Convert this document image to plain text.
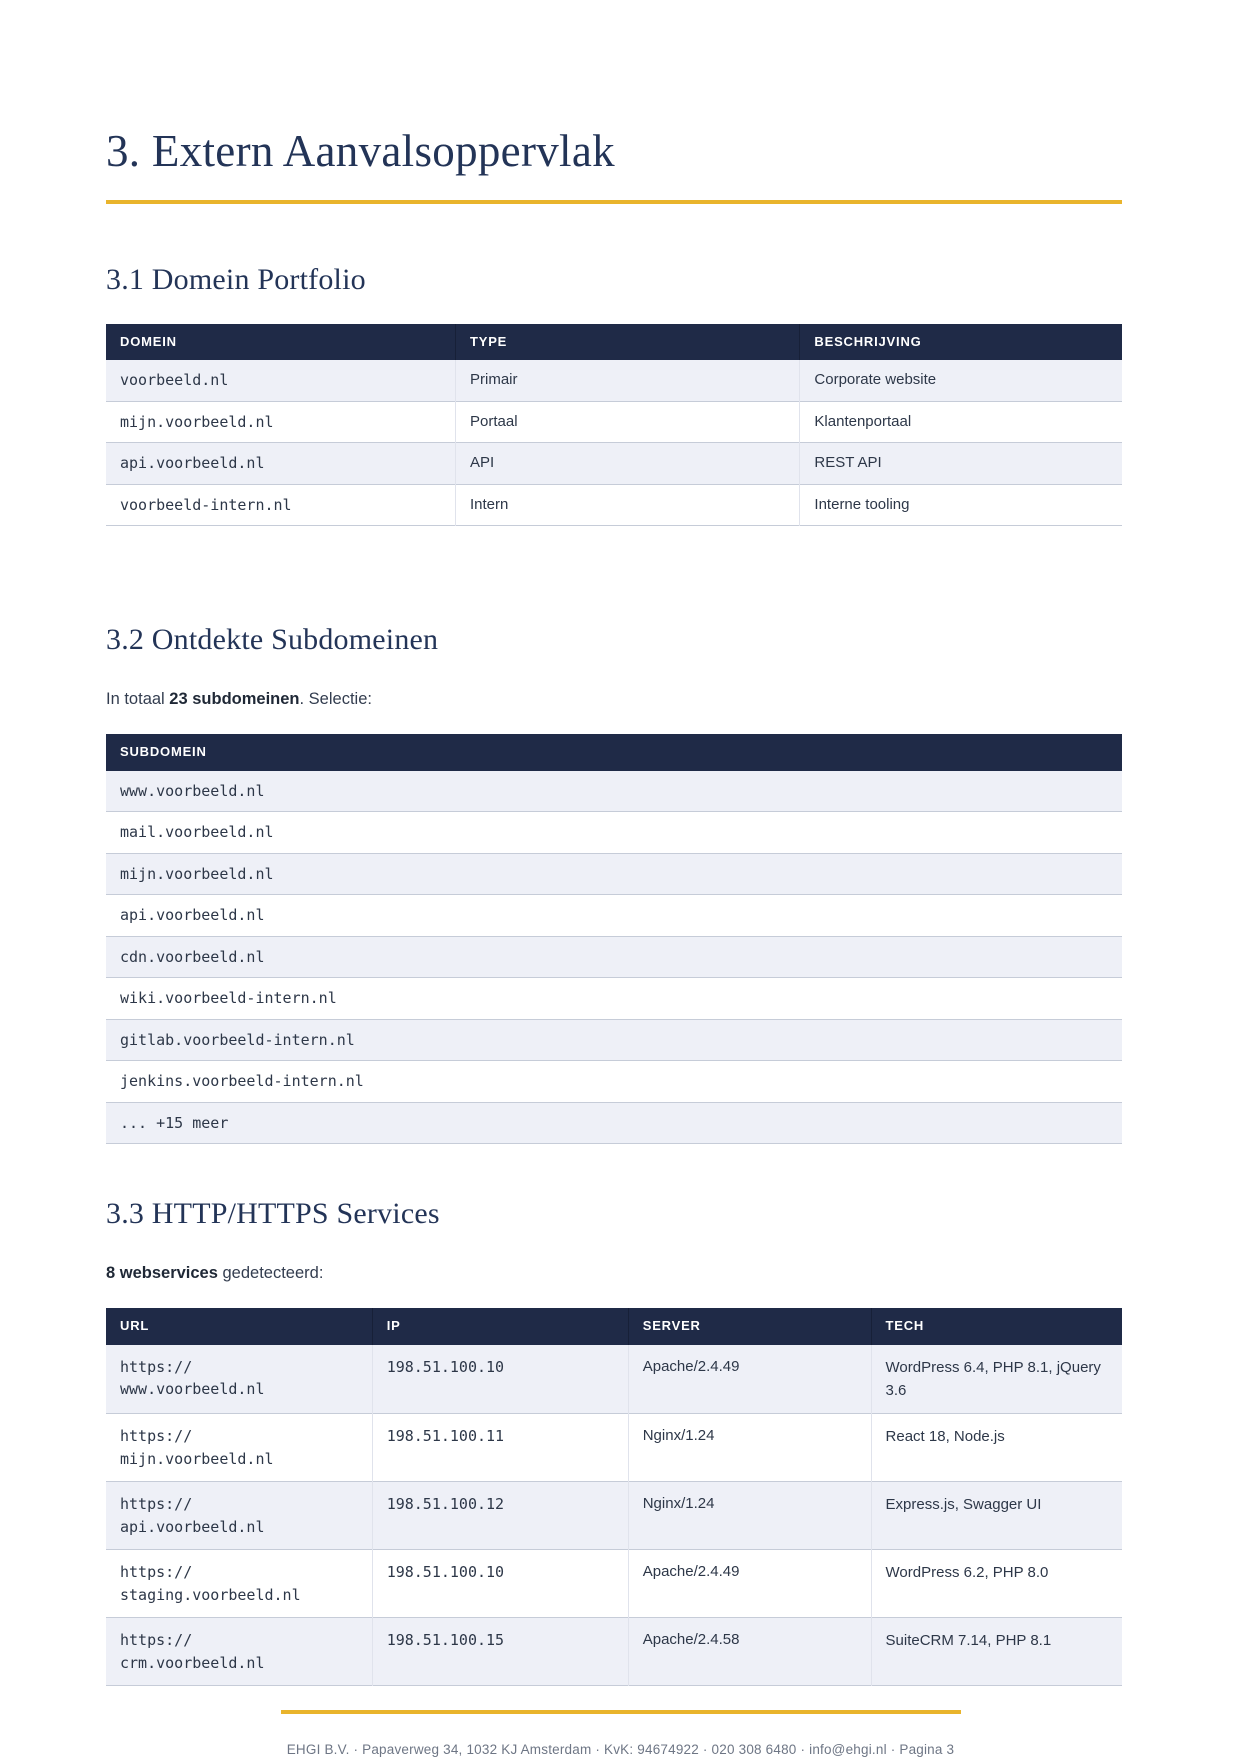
3. Extern Aanvalsoppervlak
3.1 Domein Portfolio
DOMEIN	TYPE	BESCHRIJVING
voorbeeld.nl	Primair	Corporate website
mijn.voorbeeld.nl	Portaal	Klantenportaal
api.voorbeeld.nl	API	REST API
voorbeeld-intern.nl	Intern	Interne tooling
3.2 Ontdekte Subdomeinen

In totaal 23 subdomeinen. Selectie:

SUBDOMEIN
www.voorbeeld.nl
mail.voorbeeld.nl
mijn.voorbeeld.nl
api.voorbeeld.nl
cdn.voorbeeld.nl
wiki.voorbeeld-intern.nl
gitlab.voorbeeld-intern.nl
jenkins.voorbeeld-intern.nl
... +15 meer
3.3 HTTP/HTTPS Services

8 webservices gedetecteerd:

URL	IP	SERVER	TECH

https://www.voorbeeld.nl	198.51.100.10	Apache/2.4.49	WordPress 6.4, PHP 8.1, jQuery 3.6

https://mijn.voorbeeld.nl	198.51.100.11	Nginx/1.24	React 18, Node.js

https://api.voorbeeld.nl	198.51.100.12	Nginx/1.24	Express.js, Swagger UI

https://staging.voorbeeld.nl	198.51.100.10	Apache/2.4.49	WordPress 6.2, PHP 8.0

https://crm.voorbeeld.nl	198.51.100.15	Apache/2.4.58	SuiteCRM 7.14, PHP 8.1
EHGI B.V. · Papaverweg 34, 1032 KJ Amsterdam · KvK: 94674922 · 020 308 6480 · info@ehgi.nl · Pagina 3
